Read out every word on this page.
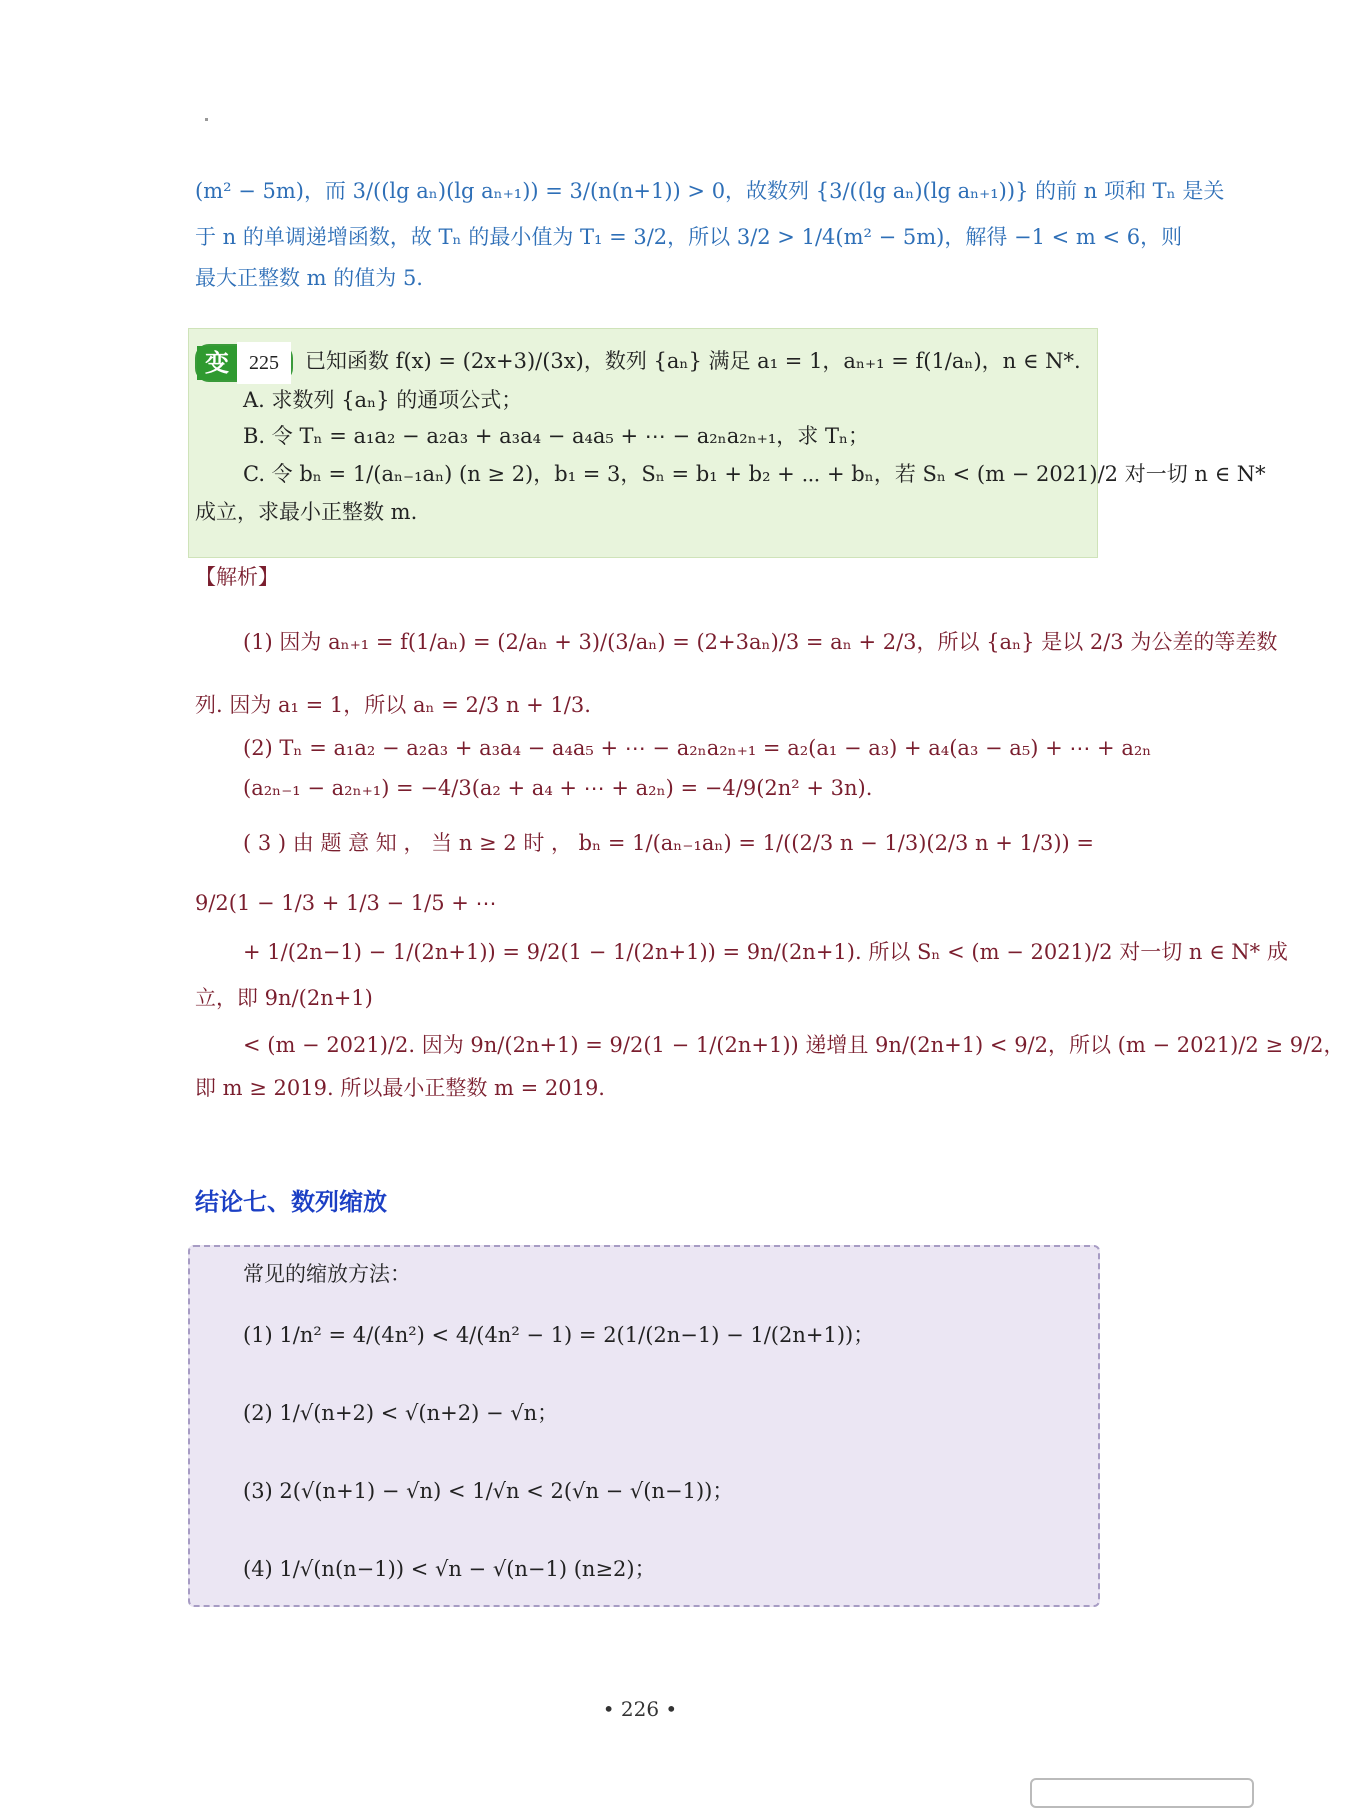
(m² − 5m)，而 3/((lg aₙ)(lg aₙ₊₁)) = 3/(n(n+1)) > 0，故数列 {3/((lg aₙ)(lg aₙ₊₁))} 的前 n 项和 Tₙ 是关

于 n 的单调递增函数，故 Tₙ 的最小值为 T₁ = 3/2，所以 3/2 > 1/4(m² − 5m)，解得 −1 < m < 6，则

最大正整数 m 的值为 5.

变	225	已知函数 f(x) = (2x+3)/(3x)，数列 {aₙ} 满足 a₁ = 1，aₙ₊₁ = f(1/aₙ)，n ∈ N*.

A. 求数列 {aₙ} 的通项公式；

B. 令 Tₙ = a₁a₂ − a₂a₃ + a₃a₄ − a₄a₅ + ⋯ − a₂ₙa₂ₙ₊₁，求 Tₙ；

C. 令 bₙ = 1/(aₙ₋₁aₙ) (n ≥ 2)，b₁ = 3，Sₙ = b₁ + b₂ + ⋯ + bₙ，若 Sₙ < (m − 2021)/2 对一切 n ∈ N*

成立，求最小正整数 m.

【解析】

(1) 因为 aₙ₊₁ = f(1/aₙ) = (2/aₙ + 3)/(3/aₙ) = (2+3aₙ)/3 = aₙ + 2/3，所以 {aₙ} 是以 2/3 为公差的等差数

列. 因为 a₁ = 1，所以 aₙ = 2/3 n + 1/3.

(2) Tₙ = a₁a₂ − a₂a₃ + a₃a₄ − a₄a₅ + ⋯ − a₂ₙa₂ₙ₊₁ = a₂(a₁ − a₃) + a₄(a₃ − a₅) + ⋯ + a₂ₙ

(a₂ₙ₋₁ − a₂ₙ₊₁) = −4/3(a₂ + a₄ + ⋯ + a₂ₙ) = −4/9(2n² + 3n).

( 3 ) 由 题 意 知 ， 当 n ≥ 2 时 ， bₙ = 1/(aₙ₋₁aₙ) = 1/((2/3 n − 1/3)(2/3 n + 1/3)) =

9/2(1 − 1/3 + 1/3 − 1/5 + ⋯

+ 1/(2n−1) − 1/(2n+1)) = 9/2(1 − 1/(2n+1)) = 9n/(2n+1). 所以 Sₙ < (m − 2021)/2 对一切 n ∈ N* 成

立，即 9n/(2n+1)

< (m − 2021)/2. 因为 9n/(2n+1) = 9/2(1 − 1/(2n+1)) 递增且 9n/(2n+1) < 9/2，所以 (m − 2021)/2 ≥ 9/2，

即 m ≥ 2019. 所以最小正整数 m = 2019.

结论七、数列缩放

常见的缩放方法：

(1) 1/n² = 4/(4n²) < 4/(4n² − 1) = 2(1/(2n−1) − 1/(2n+1))；

(2) 1/√(n+2) < √(n+2) − √n；

(3) 2(√(n+1) − √n) < 1/√n < 2(√n − √(n−1))；

(4) 1/√(n(n−1)) < √n − √(n−1) (n≥2)；

• 226 •
